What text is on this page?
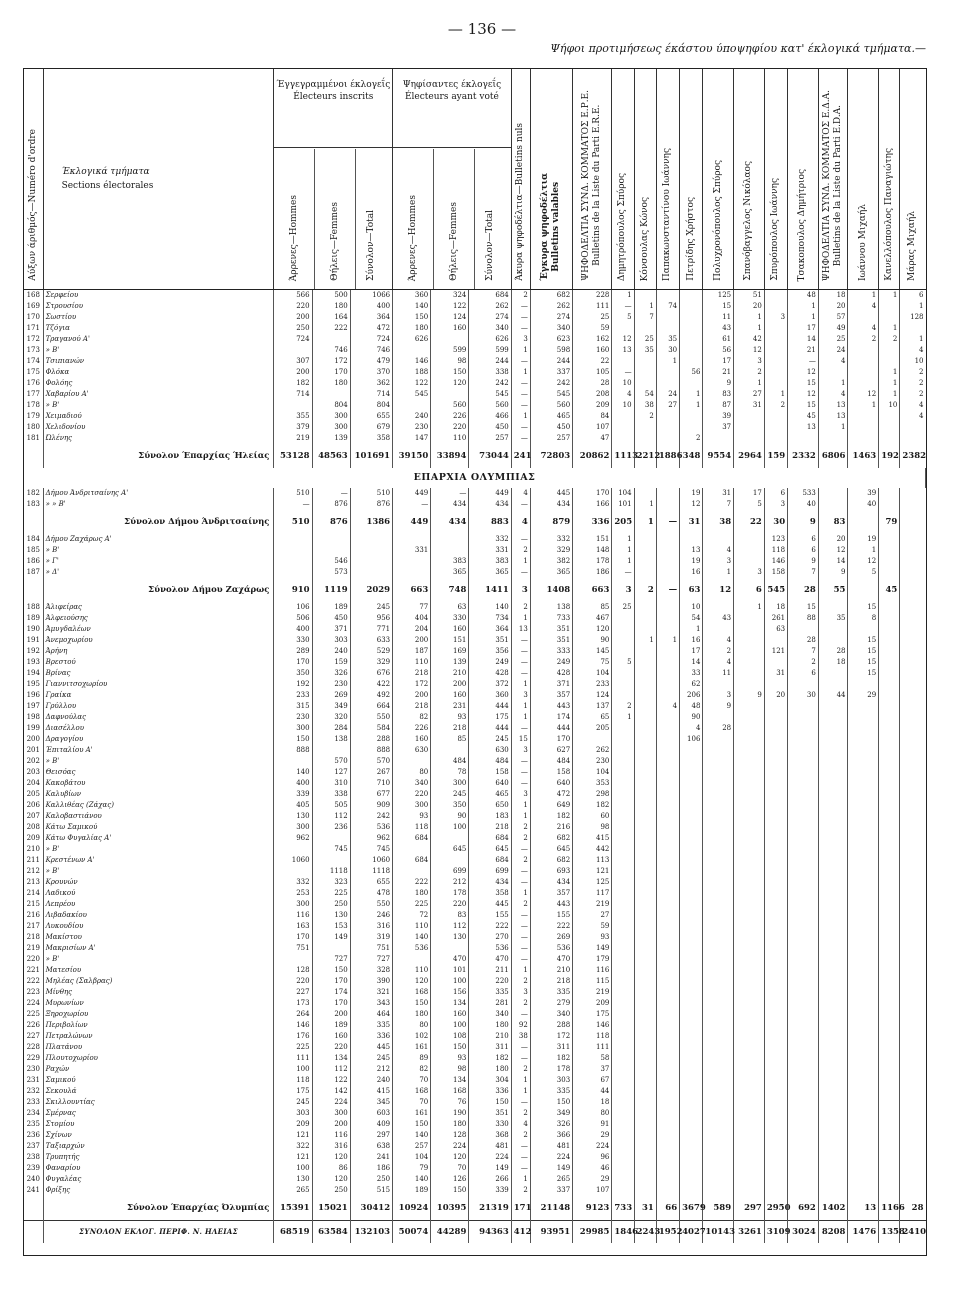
— 136 —
Ψήφοι προτιμήσεως έκάστου ύποψηφίου κατ' έκλογικά τμήματα.—
Αύξων άριθμός—Numéro d'ordre	Έκλογικά τμήματα
Sections électorales

Έγγεγραμμένοι έκλογεΐς
Électeurs inscrits
Άρρενες—Hommes	Θήλεις—Femmes	Σύνολον—Total

Ψηφίσαντες έκλογεΐς
Électeurs ayant voté
Άρρενες—Hommes	Θήλεις—Femmes	Σύνολον—Total
	Άκυρα ψηφοδέλτια—Bulletins nuls	Έγκυρα ψηφοδέλτια
Bulletins valables	ΨΗΦΟΔΕΛΤΙΑ ΣΥΝΔ. ΚΟΜΜΑΤΟΣ Ε.Ρ.Ε.
Bulletins de la Liste du Parti E.R.E.	Δημητρόπουλος Σπύρος	Κόνσουλας Κώνος	Παπακωνσταντίνου Ιωάννης	Πετρίδης Χρήστος	Πολυχρονόπουλος Σπύρος	Σπανόβαγγελος Νικόλαος	Σπυρόπουλος Ιωάννης	Τσακοπουλος Δημήτριος	ΨΗΦΟΔΕΛΤΙΑ ΣΥΝΔ. ΚΟΜΜΑΤΟΣ Ε.Δ.Α.
Bulletins de la Liste du Parti E.D.A.	Ιωάννου Μιχαήλ	Κανελλόπουλος Παναγιώτης	Μάρας Μιχαήλ
168	Σερφείου	566	500	1066	360	324	684	2	682	228	1				125	51		48	18	1	1	6
169	Στρουσίου	220	180	400	140	122	262	—	262	111	—	1	74		15	20		1	20	4		1
170	Σωστίου	200	164	364	150	124	274	—	274	25	5	7			11	1	3	1	57			128
171	Τζόγια	250	222	472	180	160	340	—	340	59					43	1		17	49	4	1	
172	Τραγανού Α'	724		724	626		626	3	623	162	12	25	35		61	42		14	25	2	2	1
173	» Β'		746	746		599	599	1	598	160	13	35	30		56	12		21	24			4
174	Τσιπιανών	307	172	479	146	98	244	—	244	22			1		17	3		—	4			10
175	Φλόκα	200	170	370	188	150	338	1	337	105	—			56	21	2		12			1	2
176	Φολόης	182	180	362	122	120	242	—	242	28	10				9	1		15	1		1	2
177	Χαβαρίου Α'	714		714	545		545	—	545	208	4	54	24	1	83	27	1	12	4	12	1	2
178	» Β'		804	804		560	560	—	560	209	10	38	27	1	87	31	2	15	13	1	10	4
179	Χειμαδιού	355	300	655	240	226	466	1	465	84		2			39			45	13			4
180	Χελιδονίου	379	300	679	230	220	450	—	450	107					37			13	1			
181	Ώλένης	219	139	358	147	110	257	—	257	47				2								
	Σύνολον Έπαρχίας Ήλείας	53128	48563	101691	39150	33894	73044	241	72803	20862	1113	2212	1886	348	9554	2964	159	2332	6806	1463	192	2382
ΕΠΑΡΧΙΑ ΟΛΥΜΠΙΑΣ
182	Δήμου Άνδριτσαίνης Α'	510	—	510	449	—	449	4	445	170	104			19	31	17	6	533		39		
183	» » Β'	—	876	876	—	434	434	—	434	166	101	1		12	7	5	3	40		40		
	Σύνολον Δήμου Άνδριτσαίνης	510	876	1386	449	434	883	4	879	336	205	1	—	31	38	22	30	9	83		79	
184	Δήμου Ζαχάρως Α'						332	—	332	151	1						123	6	20	19		
185	» Β'				331		331	2	329	148	1			13	4		118	6	12	1		
186	» Γ'		546			383	383	1	382	178	1			19	3		146	9	14	12		
187	» Δ'		573			365	365	—	365	186	—			16	1	3	158	7	9	5		
	Σύνολον Δήμου Ζαχάρως	910	1119	2029	663	748	1411	3	1408	663	3	2	—	63	12	6	545	28	55		45	
188	Άλιφείρας	106	189	245	77	63	140	2	138	85	25			10		1	18	15		15		
189	Άλφειούσης	506	450	956	404	330	734	1	733	467				54	43		261	88	35	8		
190	Άμυγδαλέων	400	371	771	204	160	364	13	351	120				1			63					
191	Άνεμοχωρίου	330	303	633	200	151	351	—	351	90		1	1	16	4			28		15		
192	Άρήνη	289	240	529	187	169	356	—	333	145				17	2		121	7	28	15		
193	Βρεστού	170	159	329	110	139	249	—	249	75	5			14	4			2	18	15		
194	Βρίνας	350	326	676	218	210	428	—	428	104				33	11		31	6		15		
195	Γιαννιτσοχωρίου	192	230	422	172	200	372	1	371	233				62								
196	Γραίκα	233	269	492	200	160	360	3	357	124				206	3	9	20	30	44	29		
197	Γρύλλου	315	349	664	218	231	444	1	443	137	2		4	48	9							
198	Δαφνούλας	230	320	550	82	93	175	1	174	65	1			90								
199	Διασέλλου	300	284	584	226	218	444	—	444	205				4	28							
200	Δραγογίου	150	138	288	160	85	245	15	170					106								
201	Έπιταλίου Α'	888		888	630		630	3	627	262												
202	» Β'		570	570		484	484	—	484	230												
203	Θεισόας	140	127	267	80	78	158	—	158	104												
204	Κακοβάτου	400	310	710	340	300	640	—	640	353												
205	Καλυβίων	339	338	677	220	245	465	3	472	298												
206	Καλλιθέας (Ζάχας)	405	505	909	300	350	650	1	649	182												
207	Καλοβαστιάνου	130	112	242	93	90	183	1	182	60												
208	Κάτω Σαμικού	300	236	536	118	100	218	2	216	98												
209	Κάτω Φυγαλίας Α'	962		962	684		684	2	682	415												
210	» Β'		745	745		645	645	—	645	442												
211	Κρεστένων Α'	1060		1060	684		684	2	682	113												
212	» Β'		1118	1118		699	699	—	693	121												
213	Κρουνών	332	323	655	222	212	434	—	434	125												
214	Λαδικού	253	225	478	180	178	358	1	357	117												
215	Λεπρέου	300	250	550	225	220	445	2	443	219												
216	Λιβαδακίου	116	130	246	72	83	155	—	155	27												
217	Λυκουδίου	163	153	316	110	112	222	—	222	59												
218	Μακίστου	170	149	319	140	130	270	—	269	93												
219	Μακρισίων Α'	751		751	536		536	—	536	149												
220	» Β'		727	727		470	470	—	470	179												
221	Ματεσίου	128	150	328	110	101	211	1	210	116												
222	Μηλέας (Σαλβρας)	220	170	390	120	100	220	2	218	115												
223	Μίνθης	227	174	321	168	156	335	3	335	219												
224	Μυρωνίων	173	170	343	150	134	281	2	279	209												
225	Ξηροχωρίου	264	200	464	180	160	340	—	340	175												
226	Περιβολίων	146	189	335	80	100	180	92	288	146												
227	Πετραλώνων	176	160	336	102	108	210	38	172	118												
228	Πλατάνου	225	220	445	161	150	311	—	311	111												
229	Πλουτοχωρίου	111	134	245	89	93	182	—	182	58												
230	Ραχών	100	112	212	82	98	180	2	178	37												
231	Σαμικού	118	122	240	70	134	304	1	303	67												
232	Σεκουλά	175	142	415	168	168	336	1	335	44												
233	Σκιλλουντίας	245	224	345	70	76	150	—	150	18												
234	Σμέρνας	303	300	603	161	190	351	2	349	80												
235	Στομίου	209	200	409	150	180	330	4	326	91												
236	Σχίνων	121	116	297	140	128	368	2	366	29												
237	Ταξιαρχών	322	316	638	257	224	481	—	481	224												
238	Τρυπητής	121	120	241	104	120	224	—	224	96												
239	Φαναρίου	100	86	186	79	70	149	—	149	46												
240	Φυγαλέας	130	120	250	140	126	266	1	265	29												
241	Φρίξης	265	250	515	189	150	339	2	337	107												
	Σύνολον Έπαρχίας Όλυμπίας	15391	15021	30412	10924	10395	21319	171	21148	9123	733	31	66	3679	589	297	2950	692	1402	13	1166	28
	ΣΥΝΟΛΟΝ ΕΚΛΟΓ. ΠΕΡΙΦ. Ν. ΗΛΕΙΑΣ	68519	63584	132103	50074	44289	94363	412	93951	29985	1846	2243	1952	4027	10143	3261	3109	3024	8208	1476	1358	2410
